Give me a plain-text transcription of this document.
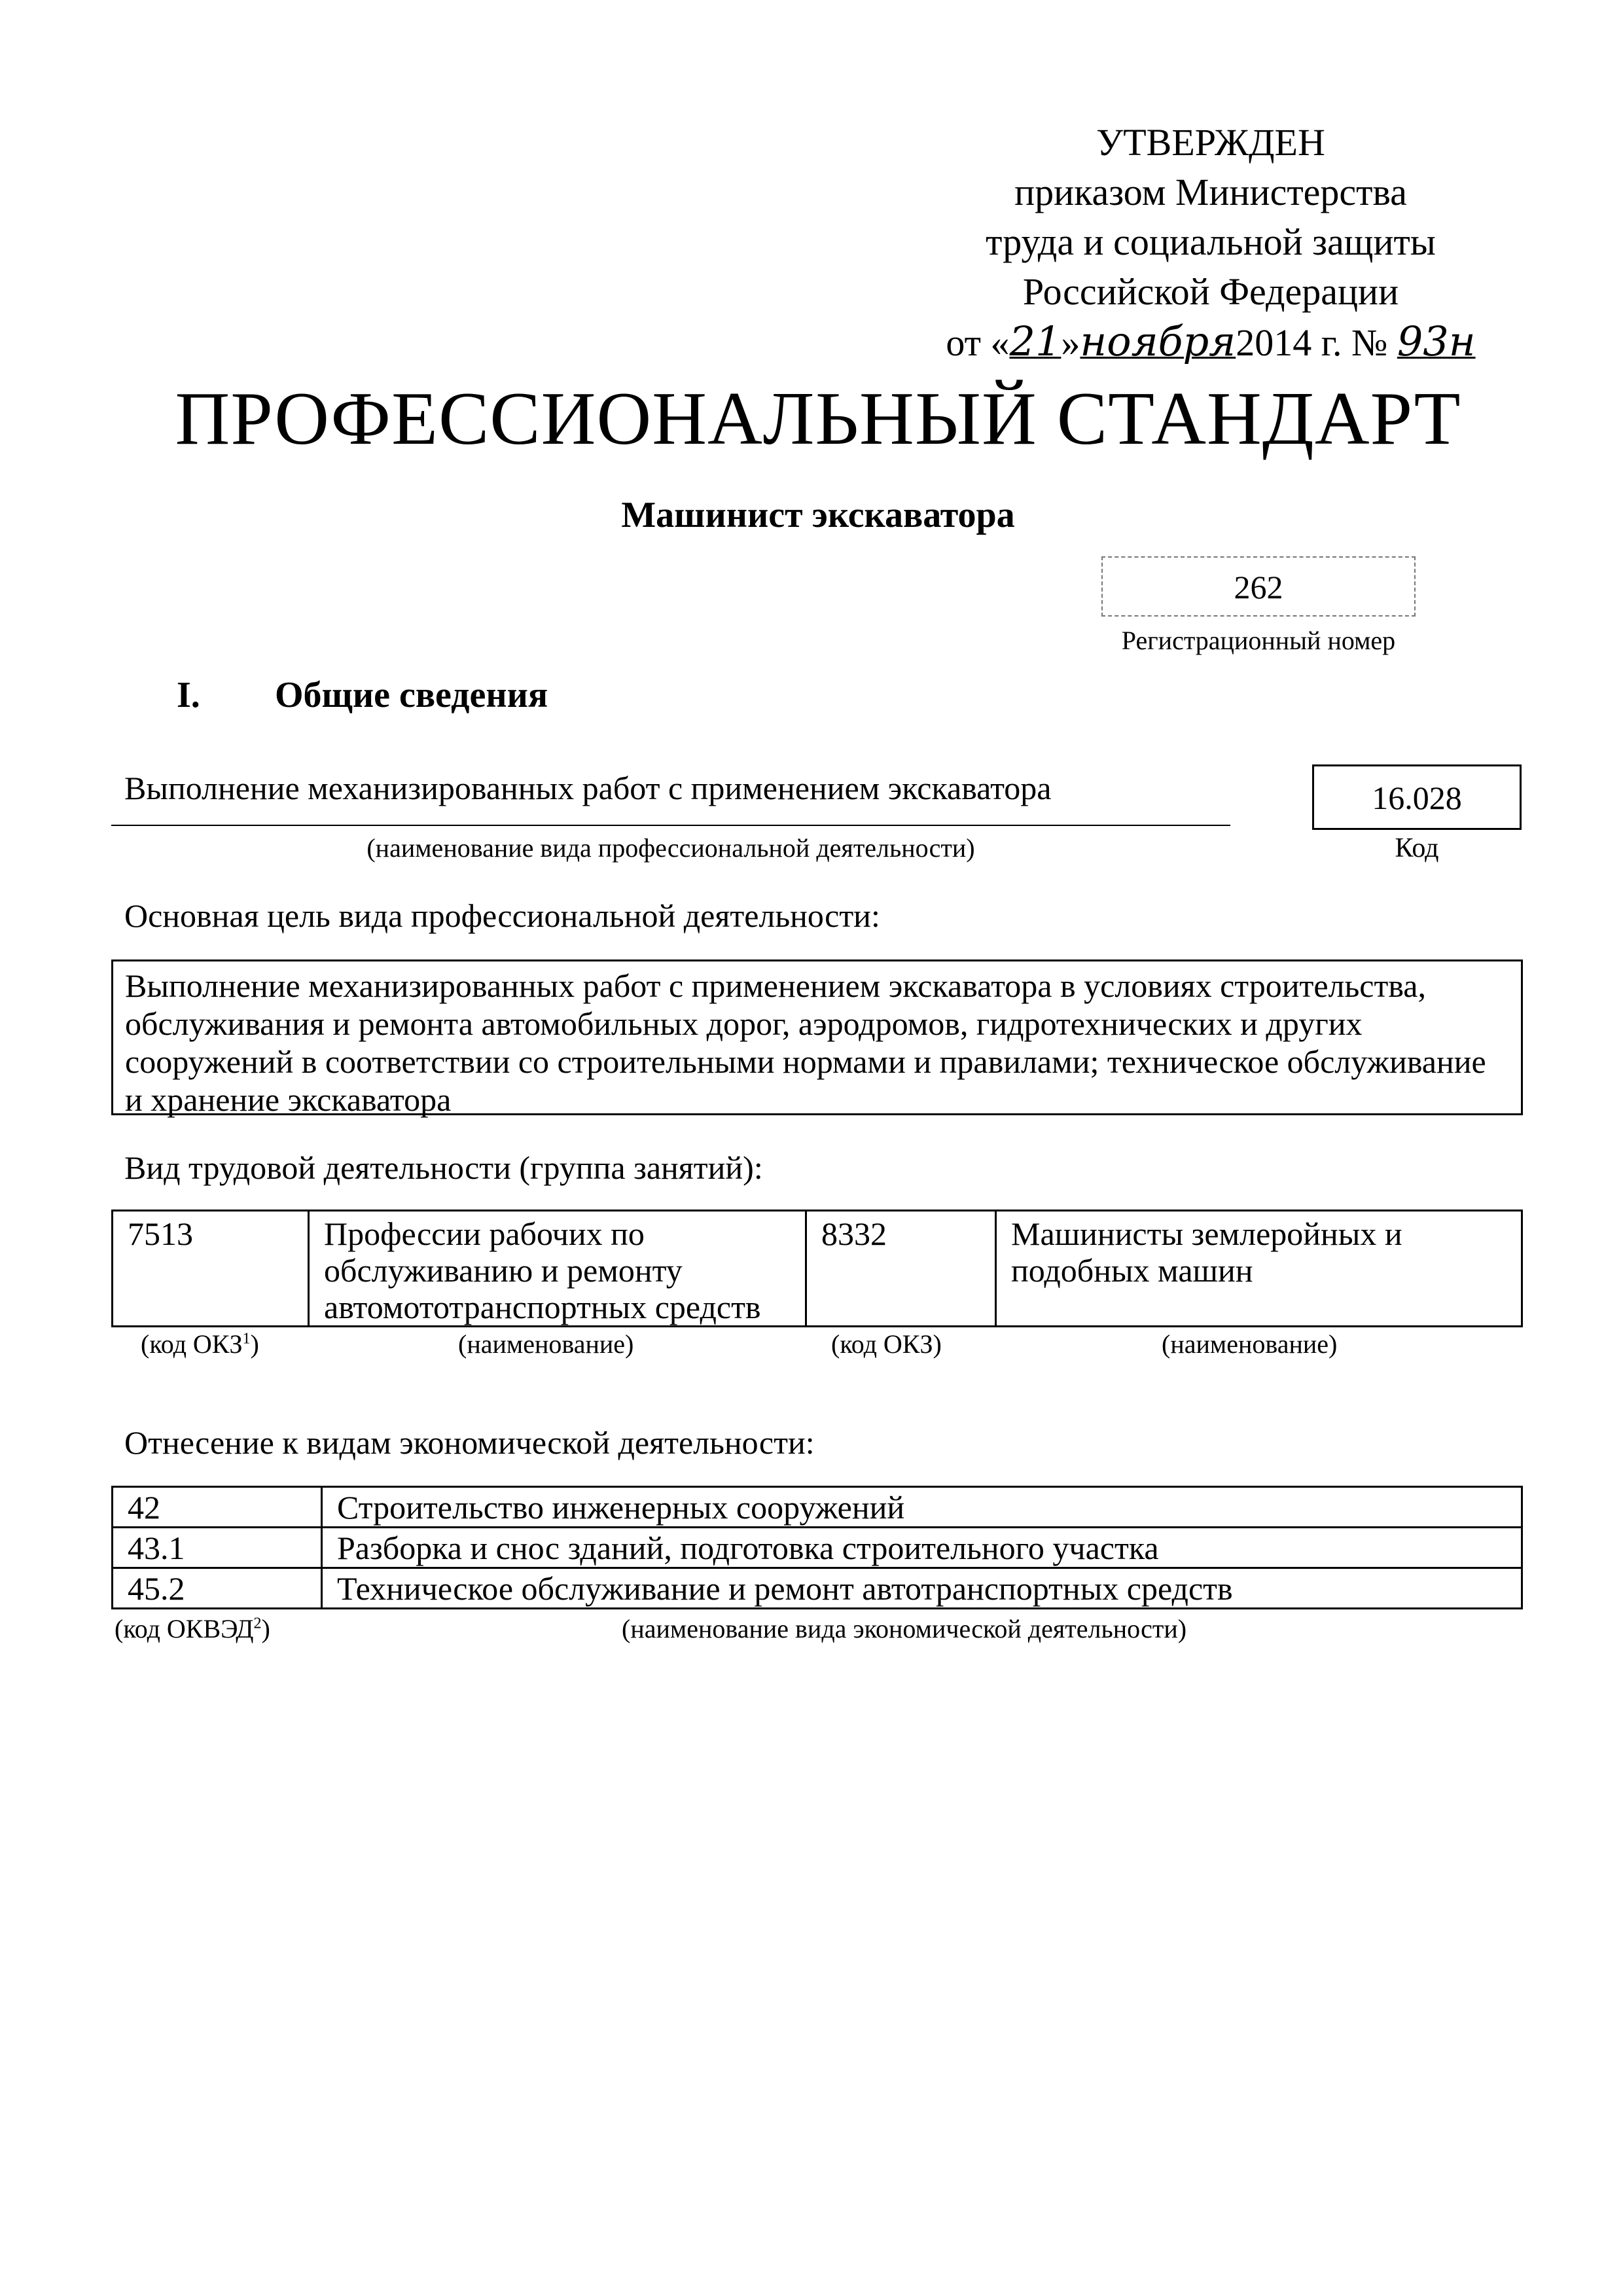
УТВЕРЖДЕН
приказом Министерства
труда и социальной защиты
Российской Федерации
от «21»ноября2014 г. № 93н
ПРОФЕССИОНАЛЬНЫЙ СТАНДАРТ
Машинист экскаватора
262
Регистрационный номер
I. Общие сведения
Выполнение механизированных работ с применением экскаватора
(наименование вида профессиональной деятельности)
16.028
Код
Основная цель вида профессиональной деятельности:
Выполнение механизированных работ с применением экскаватора в условиях строительства, обслуживания и ремонта автомобильных дорог, аэродромов, гидротехнических и других сооружений в соответствии со строительными нормами и правилами; техническое обслуживание и хранение экскаватора
Вид трудовой деятельности (группа занятий):
7513	Профессии рабочих по обслуживанию и ремонту автомототранспортных средств	8332	Машинисты землеройных и подобных машин
(код ОКЗ$^1$)	(наименование)	(код ОКЗ)	(наименование)
Отнесение к видам экономической деятельности:
42	Строительство инженерных сооружений
43.1	Разборка и снос зданий, подготовка строительного участка
45.2	Техническое обслуживание и ремонт автотранспортных средств
(код ОКВЭД$^2$)	(наименование вида экономической деятельности)
